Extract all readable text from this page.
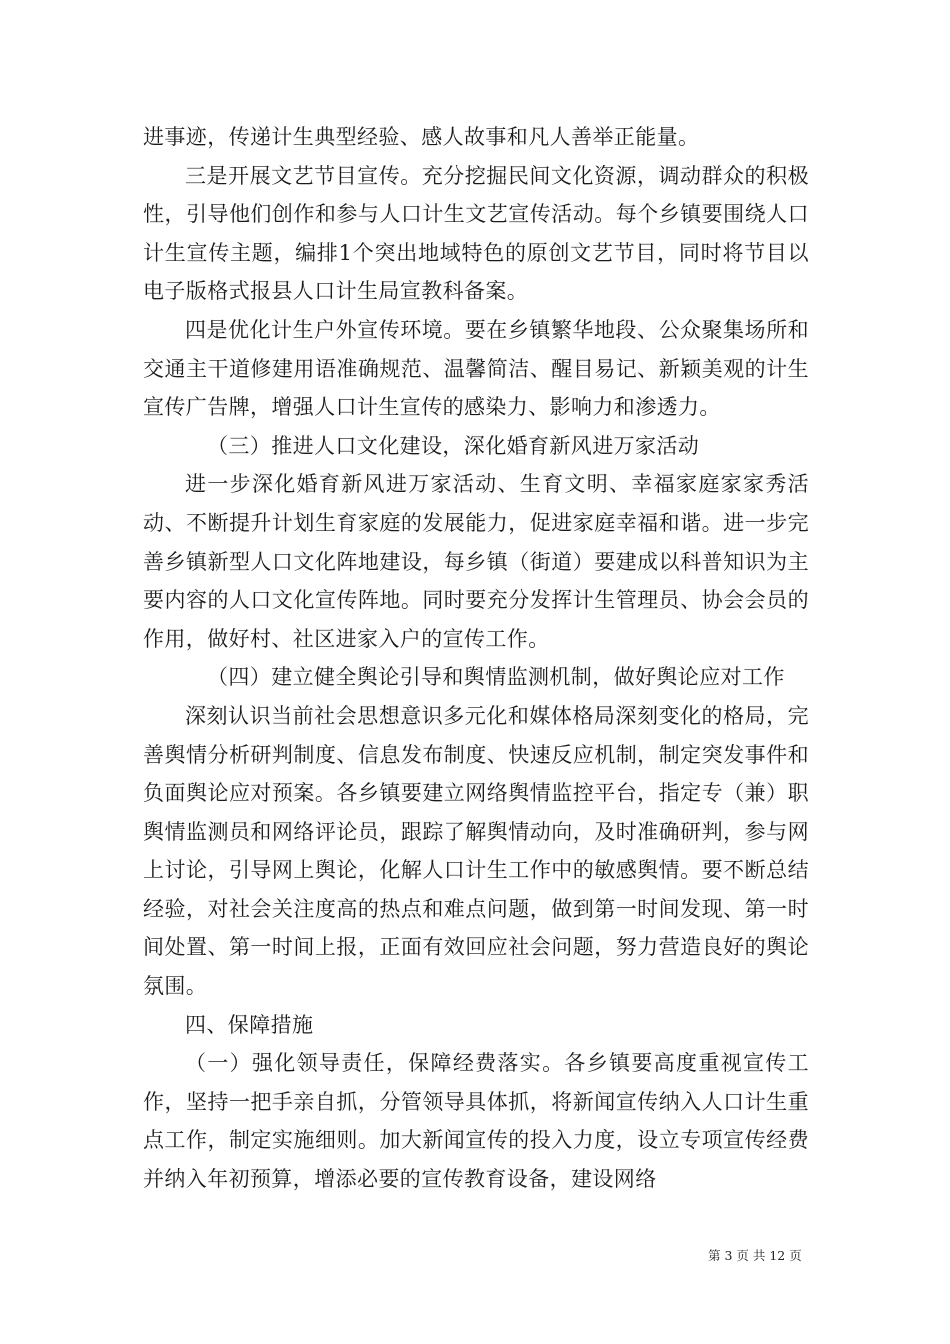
进事迹，传递计生典型经验、感人故事和凡人善举正能量。

三是开展文艺节目宣传。充分挖掘民间文化资源，调动群众的积极性，引导他们创作和参与人口计生文艺宣传活动。每个乡镇要围绕人口计生宣传主题，编排1个突出地域特色的原创文艺节目，同时将节目以电子版格式报县人口计生局宣教科备案。

四是优化计生户外宣传环境。要在乡镇繁华地段、公众聚集场所和交通主干道修建用语准确规范、温馨简洁、醒目易记、新颖美观的计生宣传广告牌，增强人口计生宣传的感染力、影响力和渗透力。

（三）推进人口文化建设，深化婚育新风进万家活动

进一步深化婚育新风进万家活动、生育文明、幸福家庭家家秀活动、不断提升计划生育家庭的发展能力，促进家庭幸福和谐。进一步完善乡镇新型人口文化阵地建设，每乡镇（街道）要建成以科普知识为主要内容的人口文化宣传阵地。同时要充分发挥计生管理员、协会会员的作用，做好村、社区进家入户的宣传工作。

（四）建立健全舆论引导和舆情监测机制，做好舆论应对工作

深刻认识当前社会思想意识多元化和媒体格局深刻变化的格局，完善舆情分析研判制度、信息发布制度、快速反应机制，制定突发事件和负面舆论应对预案。各乡镇要建立网络舆情监控平台，指定专（兼）职舆情监测员和网络评论员，跟踪了解舆情动向，及时准确研判，参与网上讨论，引导网上舆论，化解人口计生工作中的敏感舆情。要不断总结经验，对社会关注度高的热点和难点问题，做到第一时间发现、第一时间处置、第一时间上报，正面有效回应社会问题，努力营造良好的舆论氛围。

四、保障措施

（一）强化领导责任，保障经费落实。各乡镇要高度重视宣传工作，坚持一把手亲自抓，分管领导具体抓，将新闻宣传纳入人口计生重点工作，制定实施细则。加大新闻宣传的投入力度，设立专项宣传经费并纳入年初预算，增添必要的宣传教育设备，建设网络

第 3 页 共 12 页
